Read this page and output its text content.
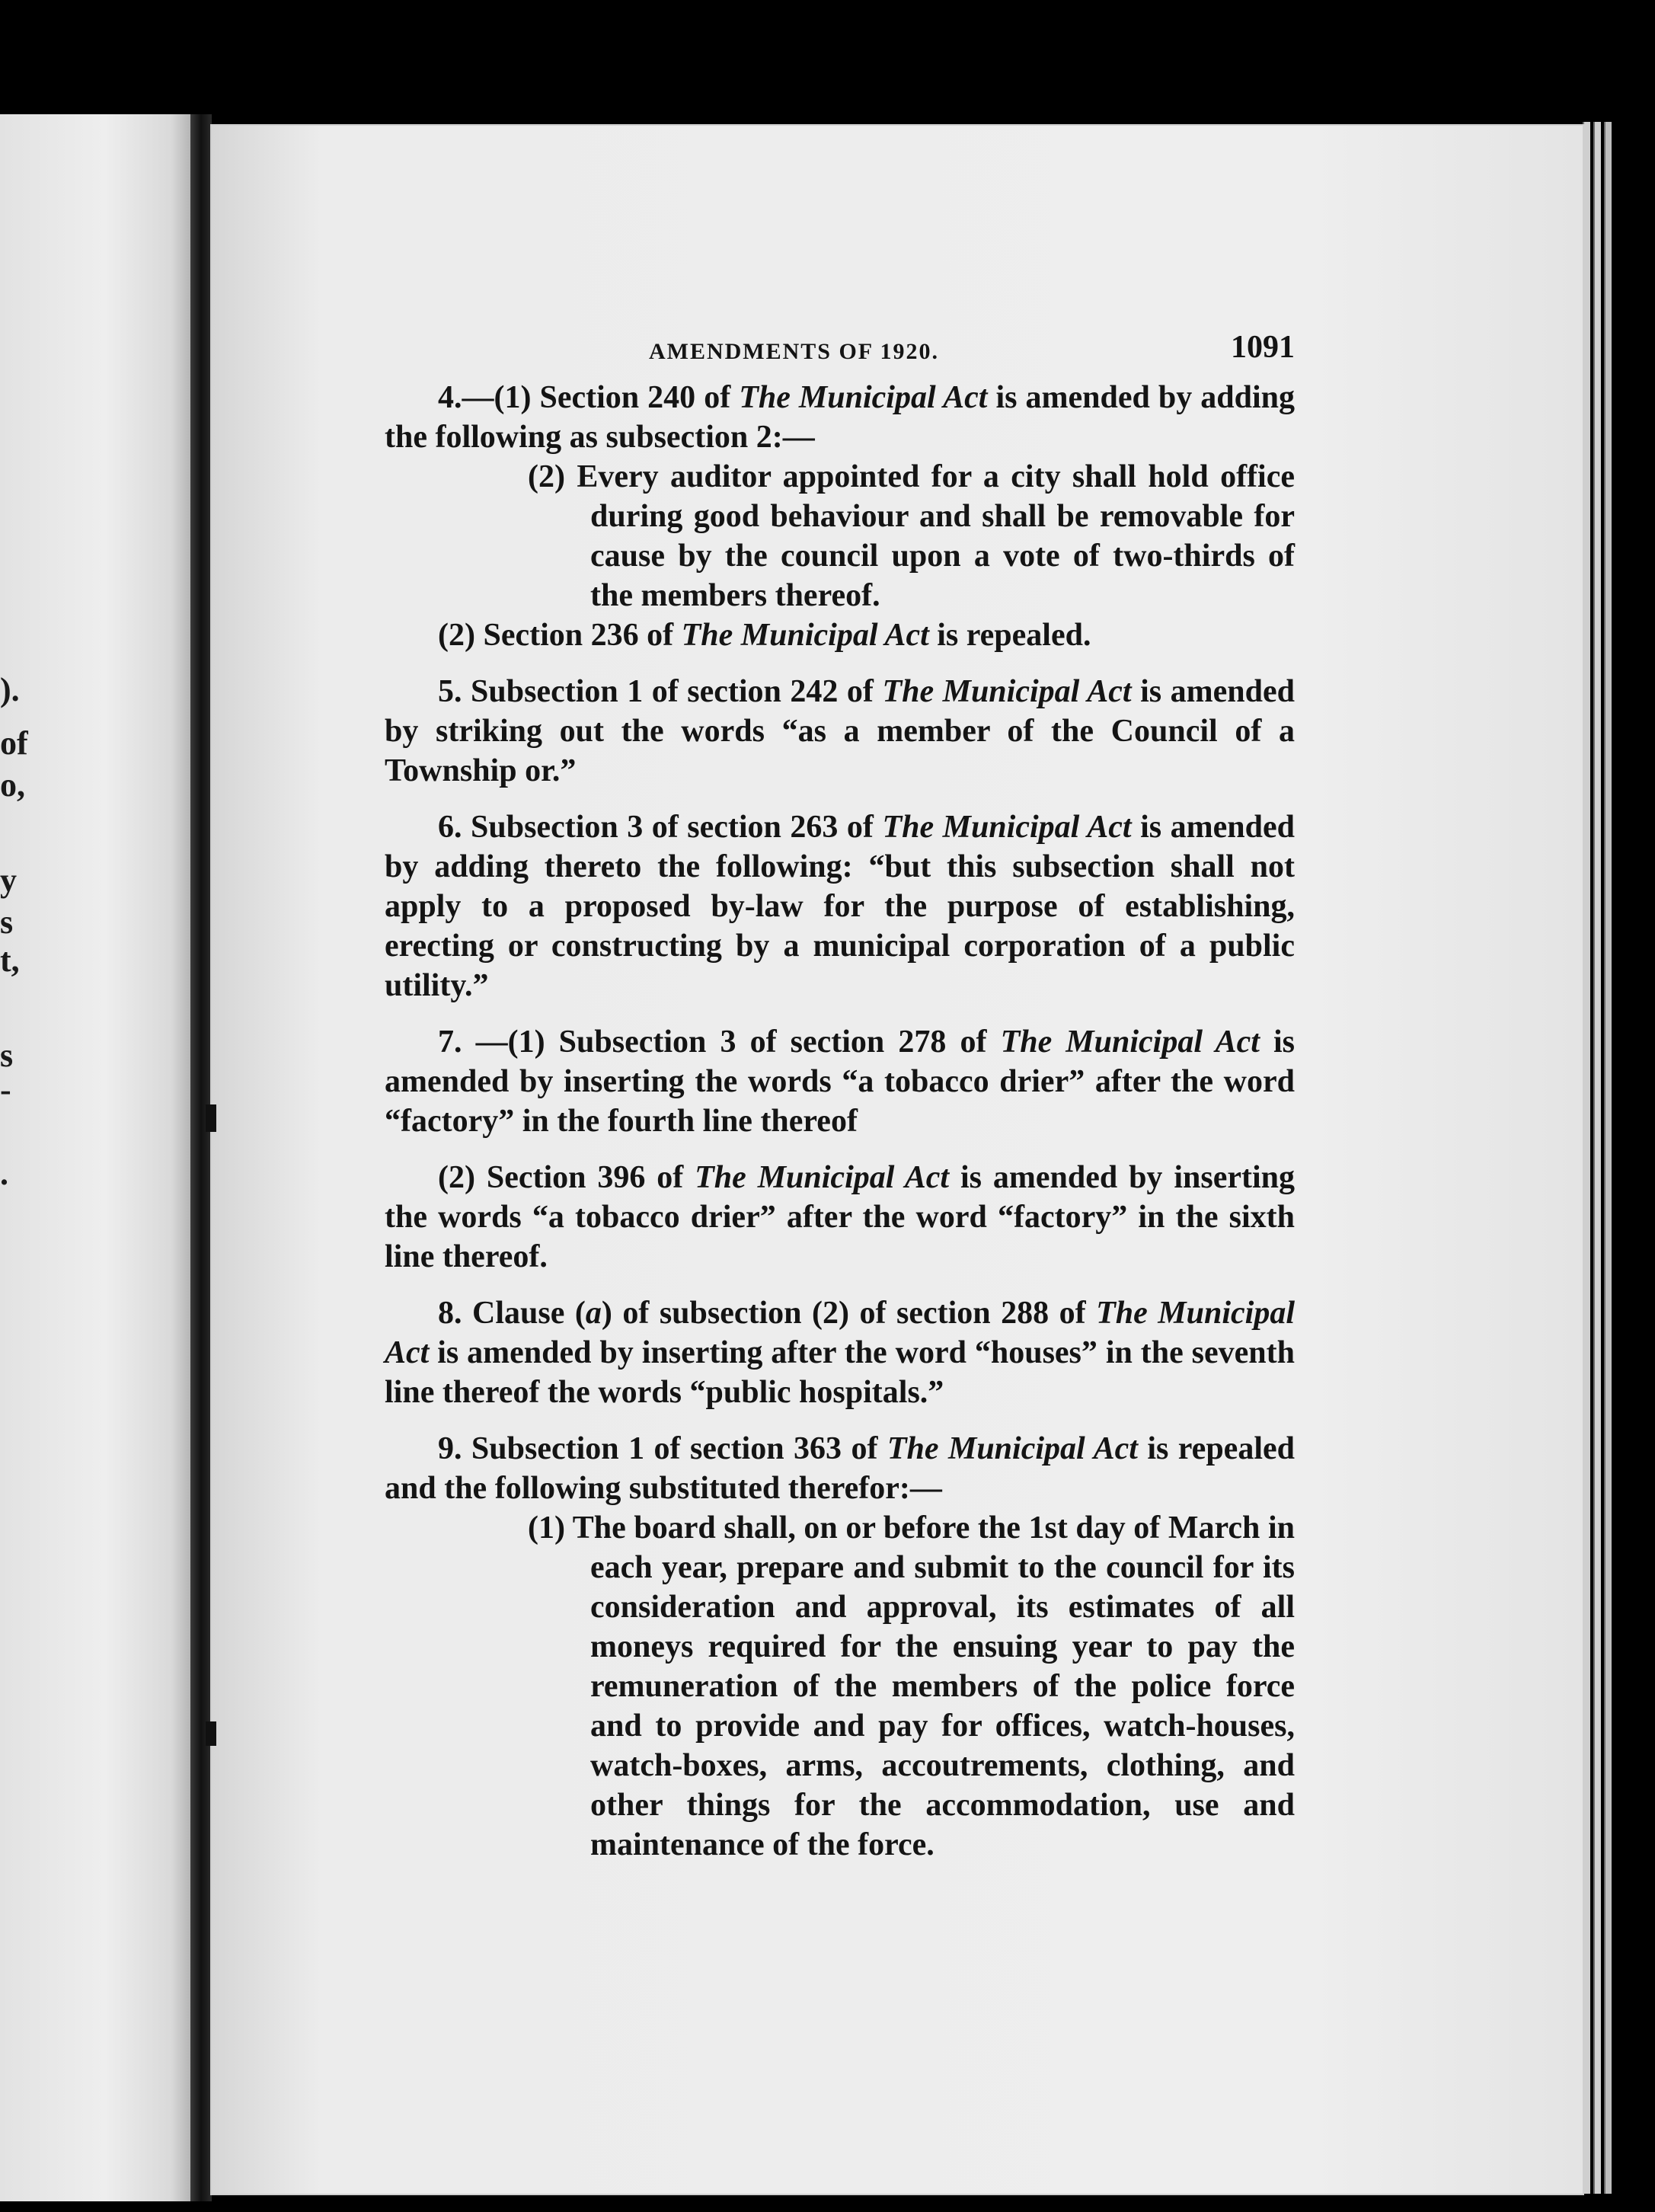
).
of
o,
y
s
t,
s
-
.
AMENDMENTS OF 1920.	1091

4.—(1) Section 240 of The Municipal Act is amended by adding the following as subsection 2:—

(2) Every auditor appointed for a city shall hold office during good behaviour and shall be removable for cause by the council upon a vote of two-thirds of the members thereof.

(2) Section 236 of The Municipal Act is repealed.

5. Subsection 1 of section 242 of The Municipal Act is amended by striking out the words “as a member of the Council of a Township or.”

6. Subsection 3 of section 263 of The Municipal Act is amended by adding thereto the following: “but this subsection shall not apply to a proposed by-law for the purpose of establishing, erecting or constructing by a municipal corporation of a public utility.”

7. —(1) Subsection 3 of section 278 of The Municipal Act is amended by inserting the words “a tobacco drier” after the word “factory” in the fourth line thereof

(2) Section 396 of The Municipal Act is amended by inserting the words “a tobacco drier” after the word “factory” in the sixth line thereof.

8. Clause (a) of subsection (2) of section 288 of The Municipal Act is amended by inserting after the word “houses” in the seventh line thereof the words “public hospitals.”

9. Subsection 1 of section 363 of The Municipal Act is repealed and the following substituted therefor:—

(1) The board shall, on or before the 1st day of March in each year, prepare and submit to the council for its consideration and approval, its estimates of all moneys required for the ensuing year to pay the remuneration of the members of the police force and to provide and pay for offices, watch-houses, watch-boxes, arms, accoutrements, clothing, and other things for the accommodation, use and maintenance of the force.
